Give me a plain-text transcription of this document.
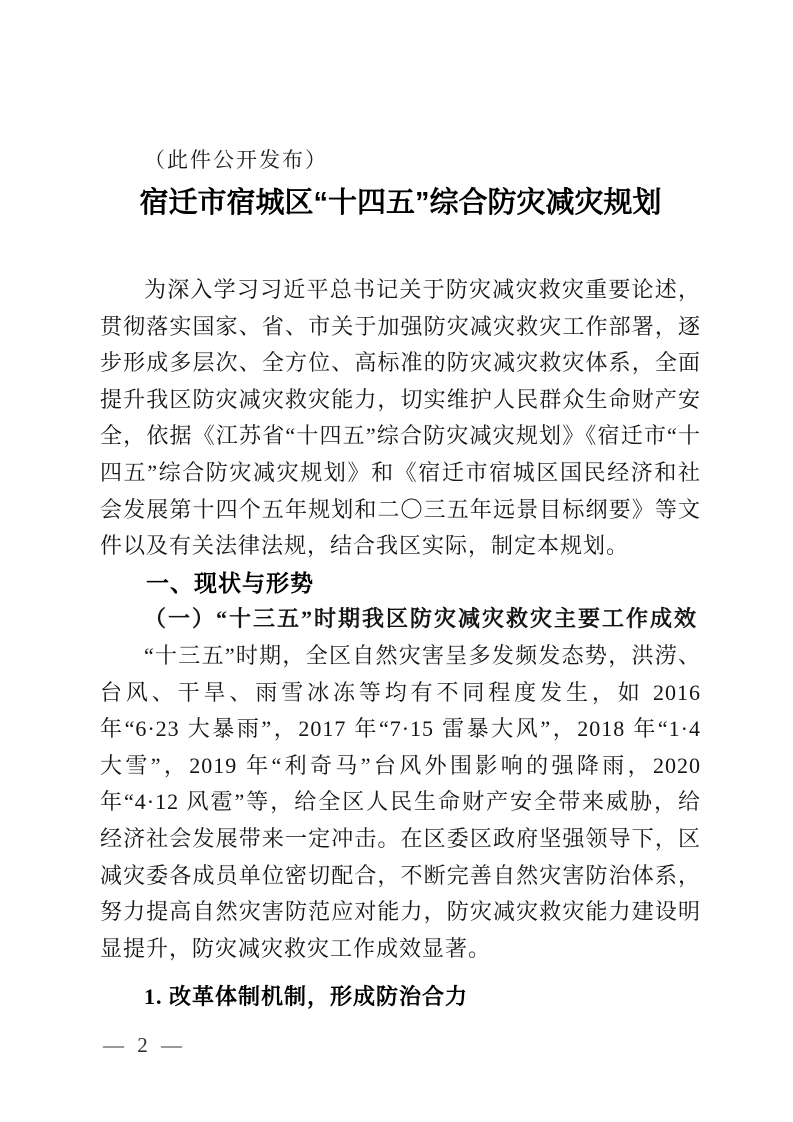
（此件公开发布）

宿迁市宿城区“十四五”综合防灾减灾规划

为深入学习习近平总书记关于防灾减灾救灾重要论述，贯彻落实国家、省、市关于加强防灾减灾救灾工作部署，逐步形成多层次、全方位、高标准的防灾减灾救灾体系，全面提升我区防灾减灾救灾能力，切实维护人民群众生命财产安全，依据《江苏省“十四五”综合防灾减灾规划》《宿迁市“十四五”综合防灾减灾规划》和《宿迁市宿城区国民经济和社会发展第十四个五年规划和二〇三五年远景目标纲要》等文件以及有关法律法规，结合我区实际，制定本规划。

一、现状与形势
（一）“十三五”时期我区防灾减灾救灾主要工作成效

“十三五”时期，全区自然灾害呈多发频发态势，洪涝、台风、干旱、雨雪冰冻等均有不同程度发生，如 2016 年“6·23 大暴雨”，2017 年“7·15 雷暴大风”，2018 年“1·4 大雪”，2019 年“利奇马”台风外围影响的强降雨，2020 年“4·12 风雹”等，给全区人民生命财产安全带来威胁，给经济社会发展带来一定冲击。在区委区政府坚强领导下，区减灾委各成员单位密切配合，不断完善自然灾害防治体系，努力提高自然灾害防范应对能力，防灾减灾救灾能力建设明显提升，防灾减灾救灾工作成效显著。

1. 改革体制机制，形成防治合力
— 2 —
